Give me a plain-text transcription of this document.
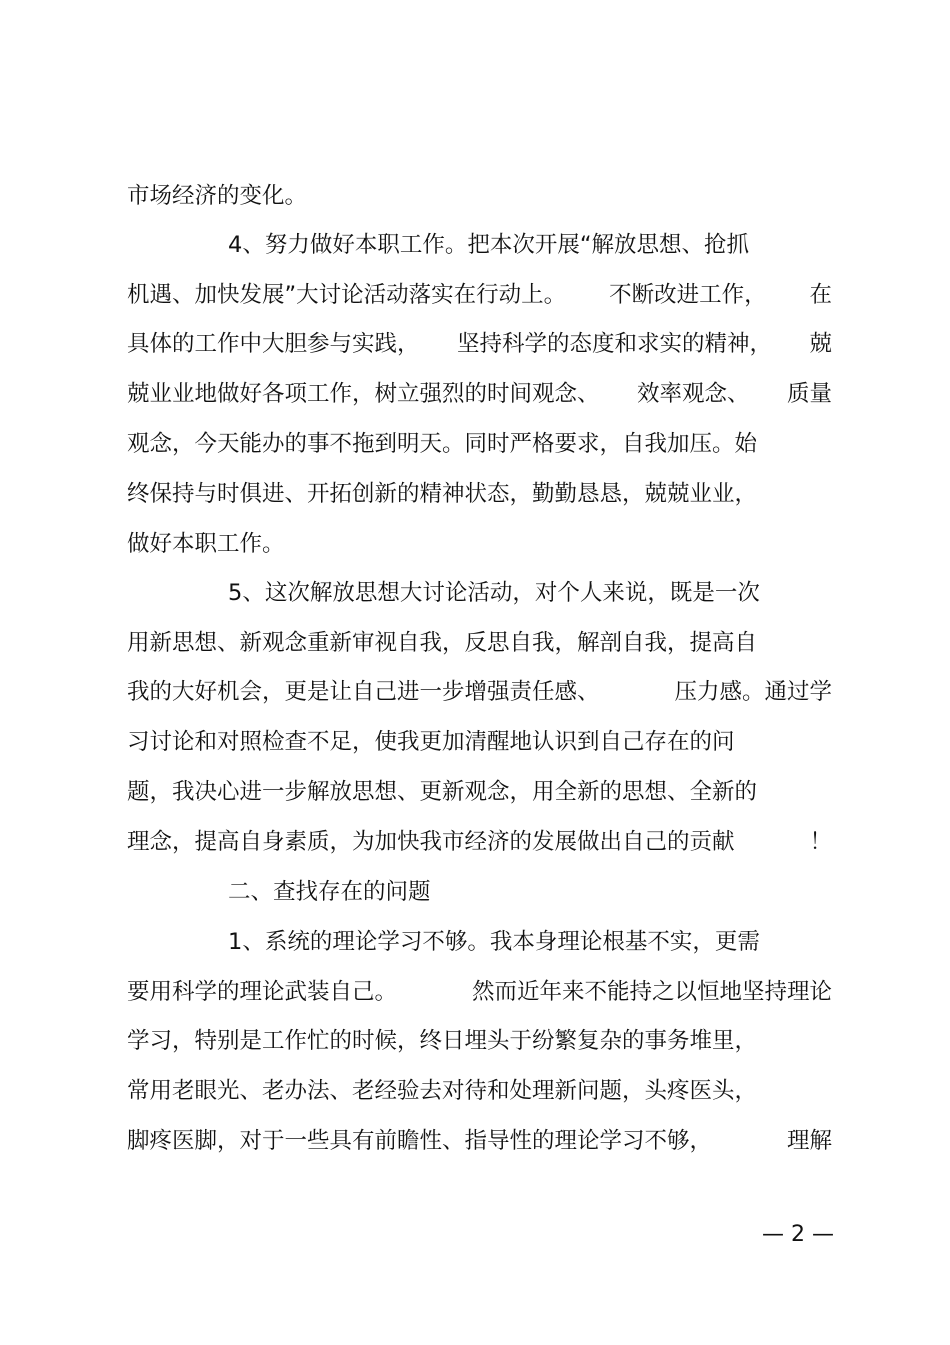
市场经济的变化。
4、努力做好本职工作。把本次开展“解放思想、抢抓
机遇、加快发展”大讨论活动落实在行动上。 不断改进工作， 在
具体的工作中大胆参与实践， 坚持科学的态度和求实的精神， 兢
兢业业地做好各项工作，树立强烈的时间观念、 效率观念、 质量
观念，今天能办的事不拖到明天。同时严格要求，自我加压。始
终保持与时俱进、开拓创新的精神状态，勤勤恳恳，兢兢业业，
做好本职工作。
5、这次解放思想大讨论活动，对个人来说，既是一次
用新思想、新观念重新审视自我，反思自我，解剖自我，提高自
我的大好机会，更是让自己进一步增强责任感、	压力感。通过学
习讨论和对照检查不足，使我更加清醒地认识到自己存在的问
题，我决心进一步解放思想、更新观念，用全新的思想、全新的
理念，提高自身素质，为加快我市经济的发展做出自己的贡献	！
二、查找存在的问题
1、系统的理论学习不够。我本身理论根基不实，更需
要用科学的理论武装自己。	然而近年来不能持之以恒地坚持理论
学习，特别是工作忙的时候，终日埋头于纷繁复杂的事务堆里，
常用老眼光、老办法、老经验去对待和处理新问题，头疼医头，
脚疼医脚，对于一些具有前瞻性、指导性的理论学习不够，	理解
— 2 —
